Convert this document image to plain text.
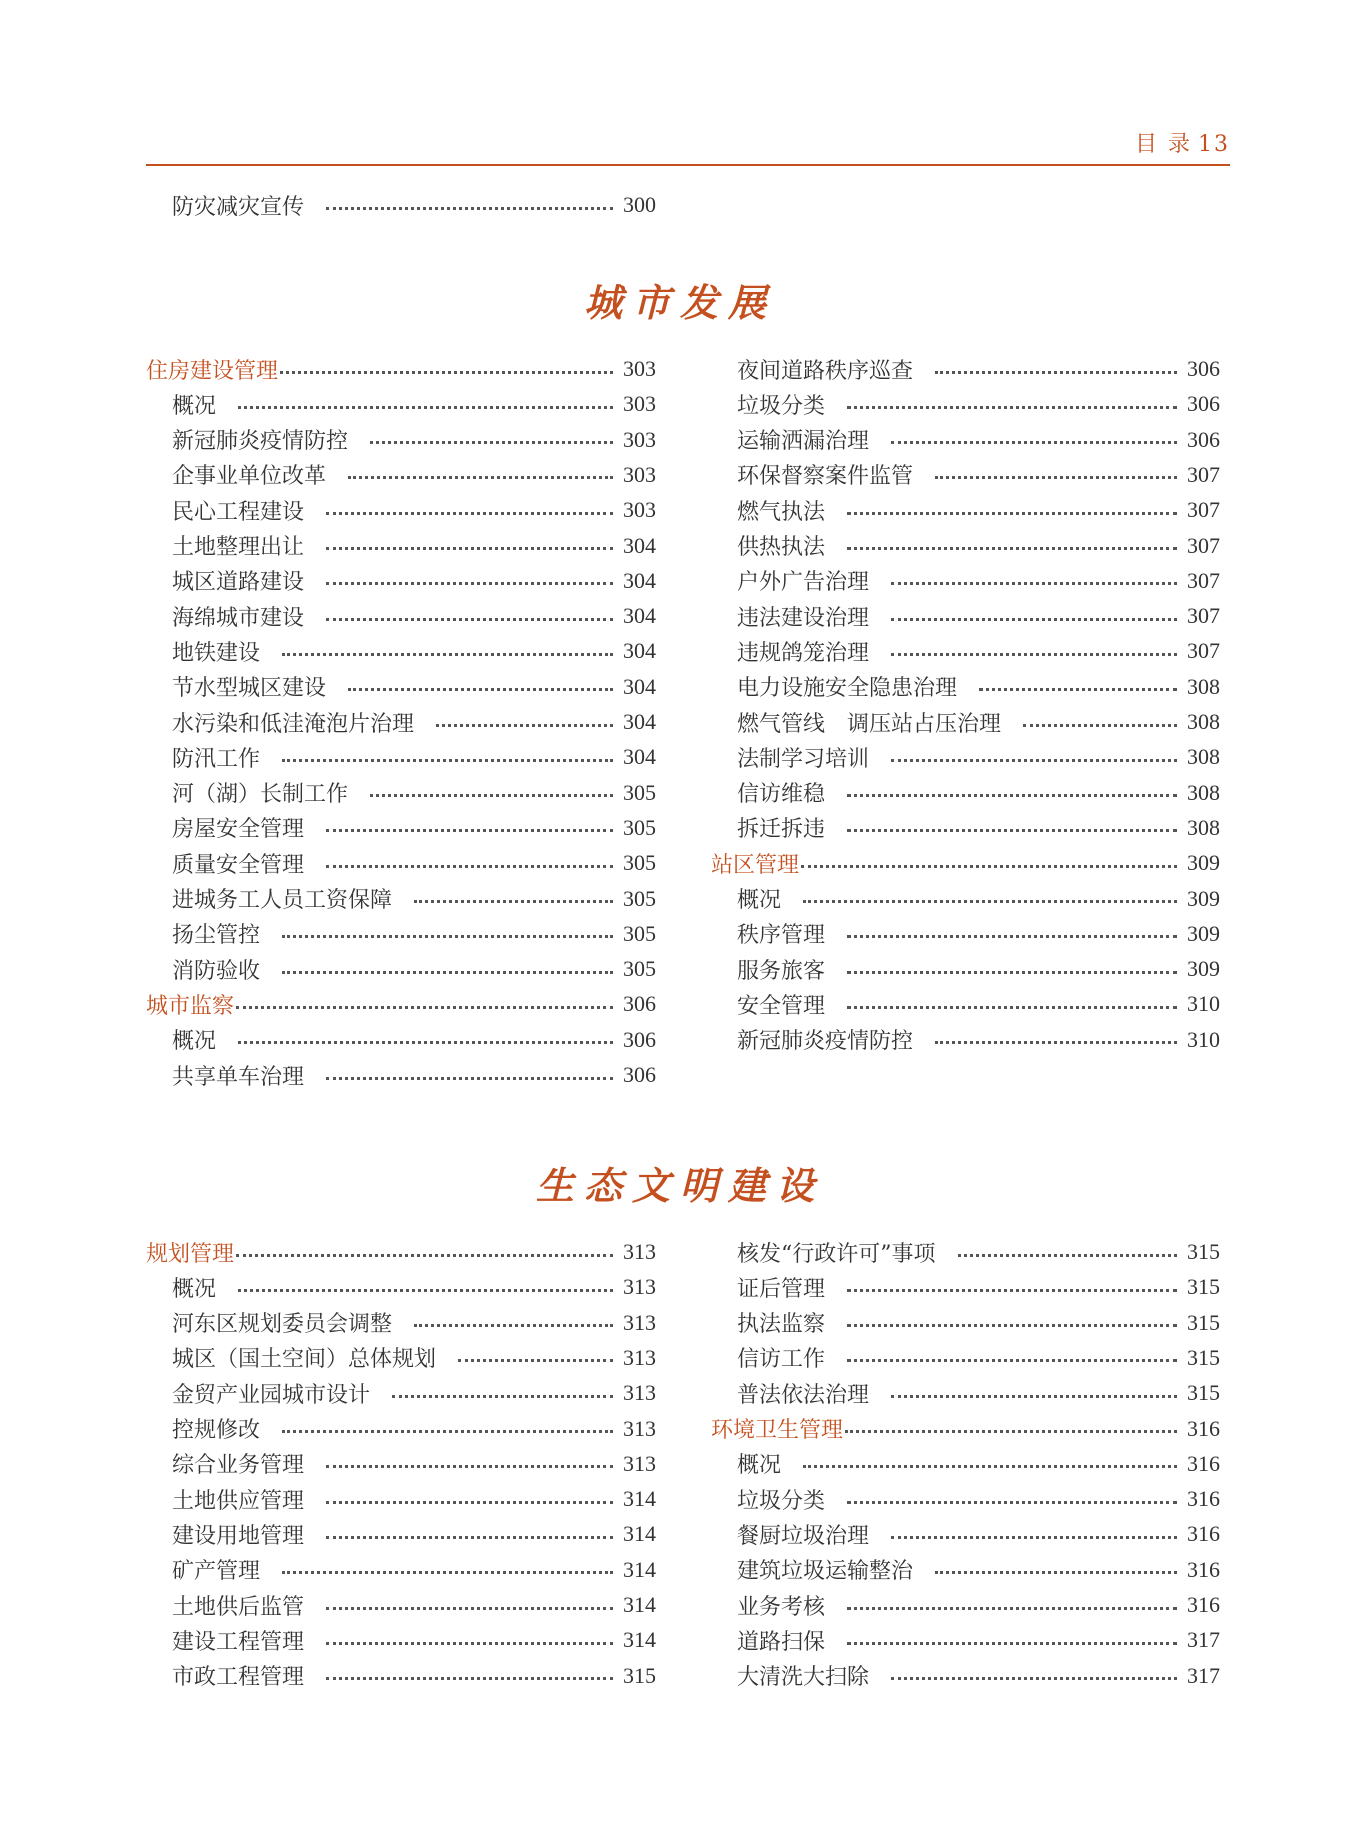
目 录 13
防灾减灾宣传	300
城市发展
住房建设管理	303
概况	303
新冠肺炎疫情防控	303
企事业单位改革	303
民心工程建设	303
土地整理出让	304
城区道路建设	304
海绵城市建设	304
地铁建设	304
节水型城区建设	304
水污染和低洼淹泡片治理	304
防汛工作	304
河（湖）长制工作	305
房屋安全管理	305
质量安全管理	305
进城务工人员工资保障	305
扬尘管控	305
消防验收	305
城市监察	306
概况	306
共享单车治理	306
夜间道路秩序巡查	306
垃圾分类	306
运输洒漏治理	306
环保督察案件监管	307
燃气执法	307
供热执法	307
户外广告治理	307
违法建设治理	307
违规鸽笼治理	307
电力设施安全隐患治理	308
燃气管线　调压站占压治理	308
法制学习培训	308
信访维稳	308
拆迁拆违	308
站区管理	309
概况	309
秩序管理	309
服务旅客	309
安全管理	310
新冠肺炎疫情防控	310
生态文明建设
规划管理	313
概况	313
河东区规划委员会调整	313
城区（国土空间）总体规划	313
金贸产业园城市设计	313
控规修改	313
综合业务管理	313
土地供应管理	314
建设用地管理	314
矿产管理	314
土地供后监管	314
建设工程管理	314
市政工程管理	315
核发“行政许可”事项	315
证后管理	315
执法监察	315
信访工作	315
普法依法治理	315
环境卫生管理	316
概况	316
垃圾分类	316
餐厨垃圾治理	316
建筑垃圾运输整治	316
业务考核	316
道路扫保	317
大清洗大扫除	317
